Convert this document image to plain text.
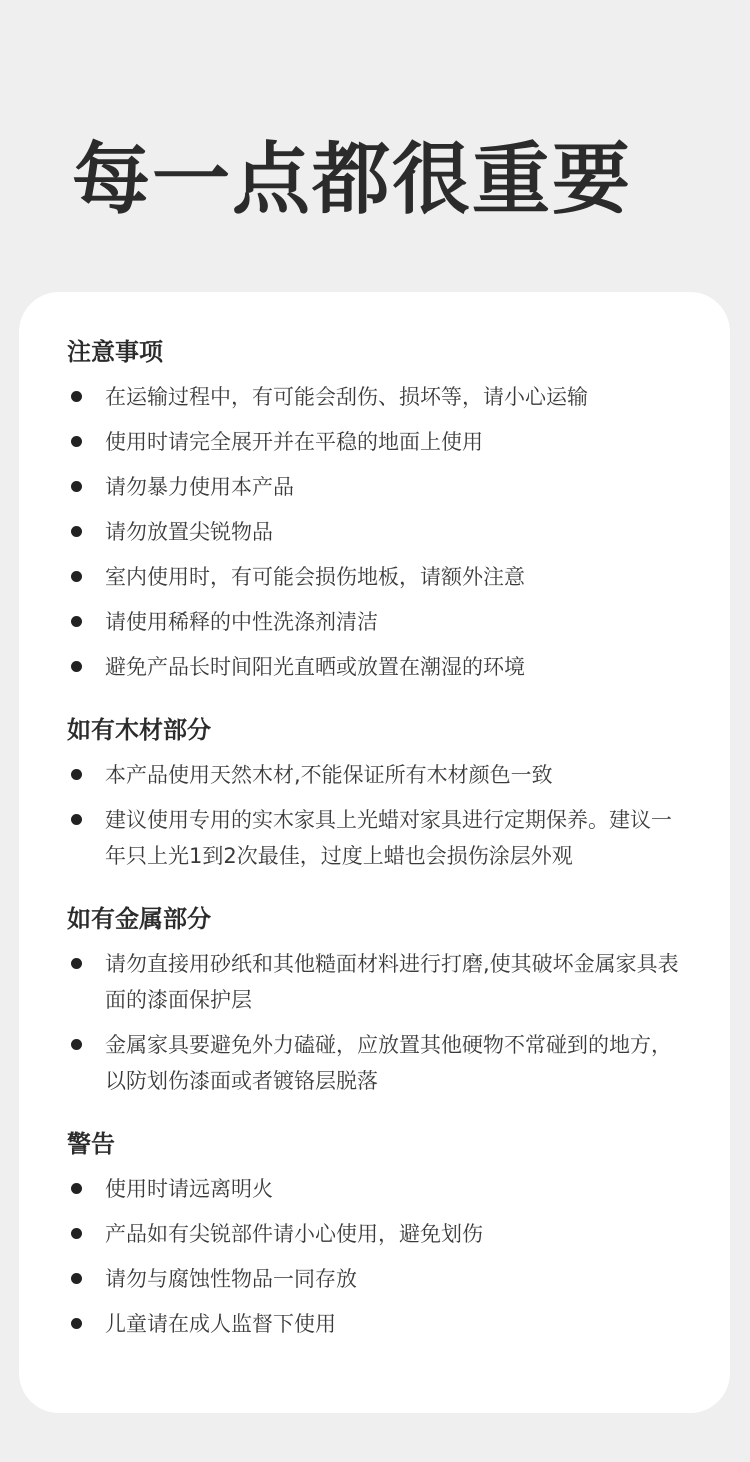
每一点都很重要
注意事项
在运输过程中，有可能会刮伤、损坏等，请小心运输
使用时请完全展开并在平稳的地面上使用
请勿暴力使用本产品
请勿放置尖锐物品
室内使用时，有可能会损伤地板，请额外注意
请使用稀释的中性洗涤剂清洁
避免产品长时间阳光直晒或放置在潮湿的环境
如有木材部分
本产品使用天然木材,不能保证所有木材颜色一致
建议使用专用的实木家具上光蜡对家具进行定期保养。建议一年只上光1到2次最佳，过度上蜡也会损伤涂层外观
如有金属部分
请勿直接用砂纸和其他糙面材料进行打磨,使其破坏金属家具表面的漆面保护层
金属家具要避免外力磕碰，应放置其他硬物不常碰到的地方，以防划伤漆面或者镀铬层脱落
警告
使用时请远离明火
产品如有尖锐部件请小心使用，避免划伤
请勿与腐蚀性物品一同存放
儿童请在成人监督下使用
